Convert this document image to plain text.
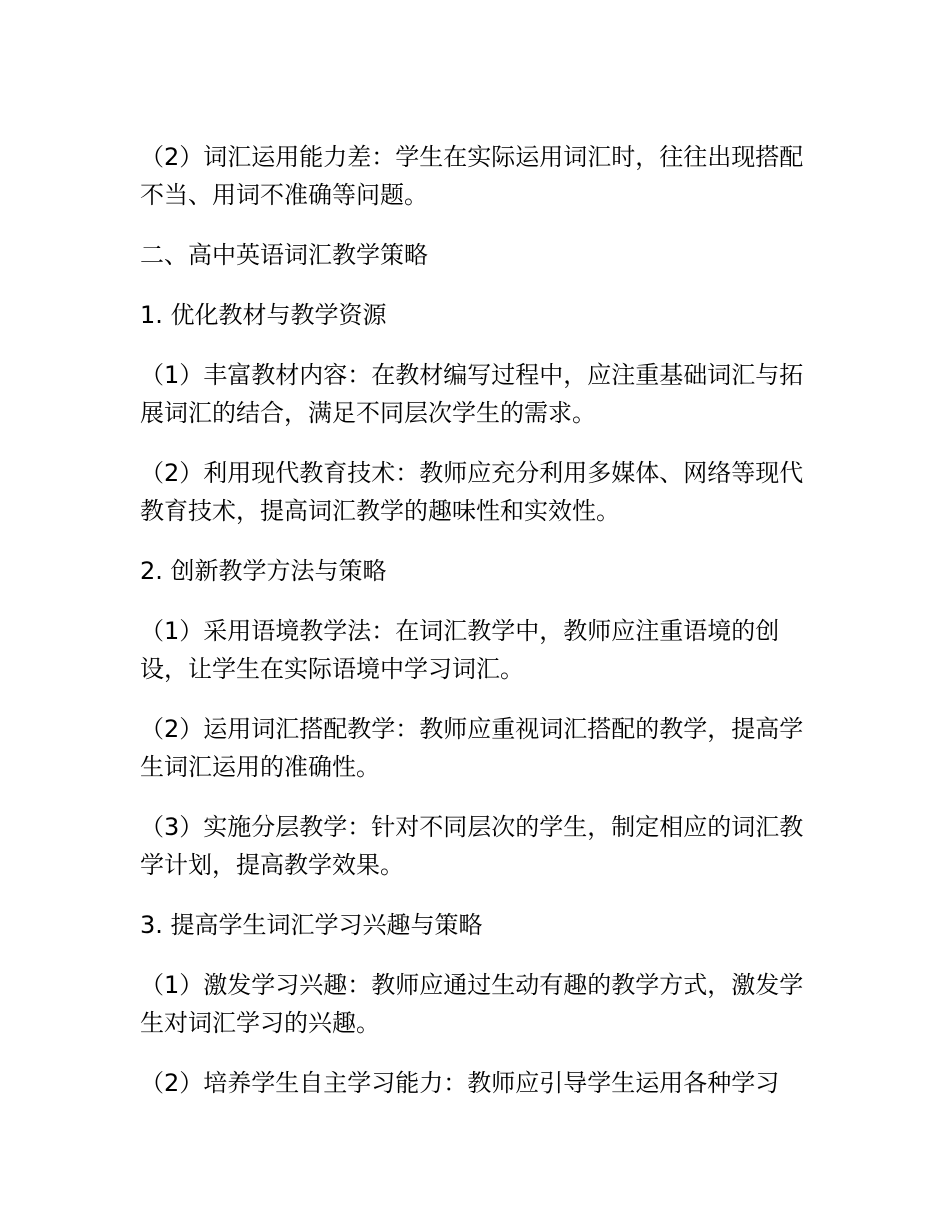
（2）词汇运用能力差：学生在实际运用词汇时，往往出现搭配不当、用词不准确等问题。

二、高中英语词汇教学策略

1. 优化教材与教学资源

（1）丰富教材内容：在教材编写过程中，应注重基础词汇与拓展词汇的结合，满足不同层次学生的需求。

（2）利用现代教育技术：教师应充分利用多媒体、网络等现代教育技术，提高词汇教学的趣味性和实效性。

2. 创新教学方法与策略

（1）采用语境教学法：在词汇教学中，教师应注重语境的创设，让学生在实际语境中学习词汇。

（2）运用词汇搭配教学：教师应重视词汇搭配的教学，提高学生词汇运用的准确性。

（3）实施分层教学：针对不同层次的学生，制定相应的词汇教学计划，提高教学效果。

3. 提高学生词汇学习兴趣与策略

（1）激发学习兴趣：教师应通过生动有趣的教学方式，激发学生对词汇学习的兴趣。

（2）培养学生自主学习能力：教师应引导学生运用各种学习
